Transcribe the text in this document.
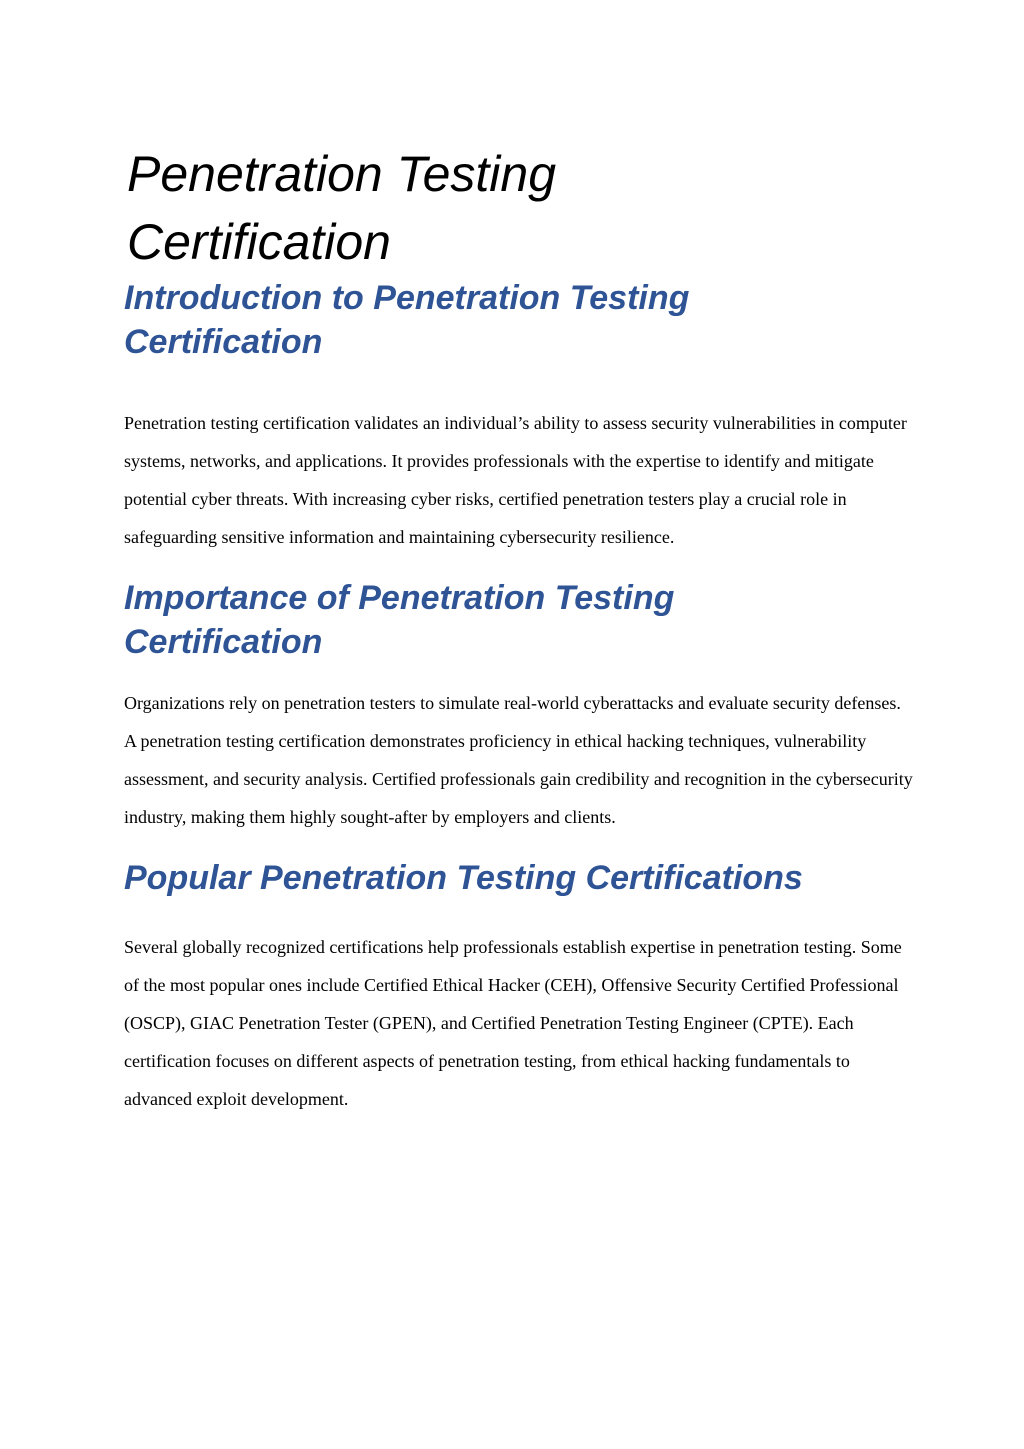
Penetration Testing Certification
Introduction to Penetration Testing Certification

Penetration testing certification validates an individual’s ability to assess security vulnerabilities in computer systems, networks, and applications. It provides professionals with the expertise to identify and mitigate potential cyber threats. With increasing cyber risks, certified penetration testers play a crucial role in safeguarding sensitive information and maintaining cybersecurity resilience.

Importance of Penetration Testing Certification

Organizations rely on penetration testers to simulate real-world cyberattacks and evaluate security defenses. A penetration testing certification demonstrates proficiency in ethical hacking techniques, vulnerability assessment, and security analysis. Certified professionals gain credibility and recognition in the cybersecurity industry, making them highly sought-after by employers and clients.

Popular Penetration Testing Certifications

Several globally recognized certifications help professionals establish expertise in penetration testing. Some of the most popular ones include Certified Ethical Hacker (CEH), Offensive Security Certified Professional (OSCP), GIAC Penetration Tester (GPEN), and Certified Penetration Testing Engineer (CPTE). Each certification focuses on different aspects of penetration testing, from ethical hacking fundamentals to advanced exploit development.
